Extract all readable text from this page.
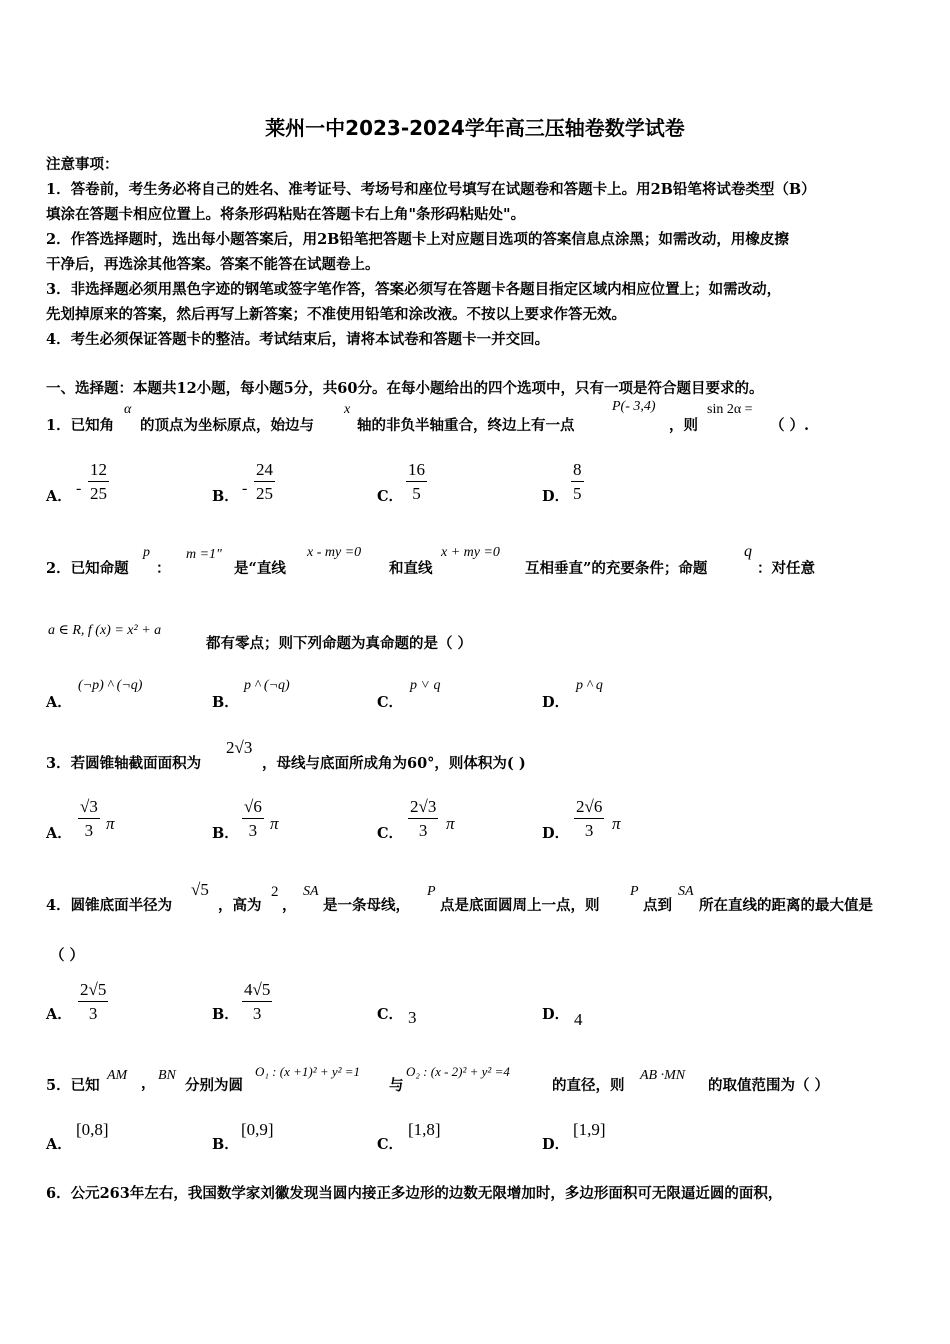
莱州一中2023-2024学年高三压轴卷数学试卷
注意事项：
1．答卷前，考生务必将自己的姓名、准考证号、考场号和座位号填写在试题卷和答题卡上。用2B铅笔将试卷类型（B）
填涂在答题卡相应位置上。将条形码粘贴在答题卡右上角"条形码粘贴处"。
2．作答选择题时，选出每小题答案后，用2B铅笔把答题卡上对应题目选项的答案信息点涂黑；如需改动，用橡皮擦
干净后，再选涂其他答案。答案不能答在试题卷上。
3．非选择题必须用黑色字迹的钢笔或签字笔作答，答案必须写在答题卡各题目指定区域内相应位置上；如需改动，
先划掉原来的答案，然后再写上新答案；不准使用铅笔和涂改液。不按以上要求作答无效。
4．考生必须保证答题卡的整洁。考试结束后，请将本试卷和答题卡一并交回。
一、选择题：本题共12小题，每小题5分，共60分。在每小题给出的四个选项中，只有一项是符合题目要求的。
1．已知角
α
的顶点为坐标原点，始边与
x
轴的非负半轴重合，终边上有一点
P(- 3,4)
，则
sin 2α =
（ ）.
A． - $\frac{12}{25}$	B． - $\frac{24}{25}$	C． $\frac{16}{5}$	D． $\frac{8}{5}$
2．已知命题
p
：
m =1"
是“直线
x - my =0
和直线
x + my =0
互相垂直”的充要条件；命题
q
：对任意
a ∈ R, f (x) = x² + a
都有零点；则下列命题为真命题的是（ ）
A．
(¬p) ^ (¬q)
B．
p ^ (¬q)
C．
p ˅ q
D．
p ^ q
3．若圆锥轴截面面积为
2√3
，母线与底面所成角为60°，则体积为( )
A． $\frac{√3}{3}$ π
B． $\frac{√6}{3}$ π
C． $\frac{2√3}{3}$ π
D． $\frac{2√6}{3}$ π
4．圆锥底面半径为
√5
，高为
2
，
SA
是一条母线，
P
点是底面圆周上一点，则
P
点到
SA
所在直线的距离的最大值是
（ ）
A． $\frac{2√5}{3}$	B． $\frac{4√5}{3}$	C． 3	D． 4
5．已知
AM ， BN
分别为圆
O₁ : (x +1)² + y² =1
与
O₂ : (x - 2)² + y² =4
的直径，则
AB ·MN
的取值范围为（ ）
A．
[0,8]
B．
[0,9]
C．
[1,8]
D．
[1,9]
6．公元263年左右，我国数学家刘徽发现当圆内接正多边形的边数无限增加时，多边形面积可无限逼近圆的面积，
